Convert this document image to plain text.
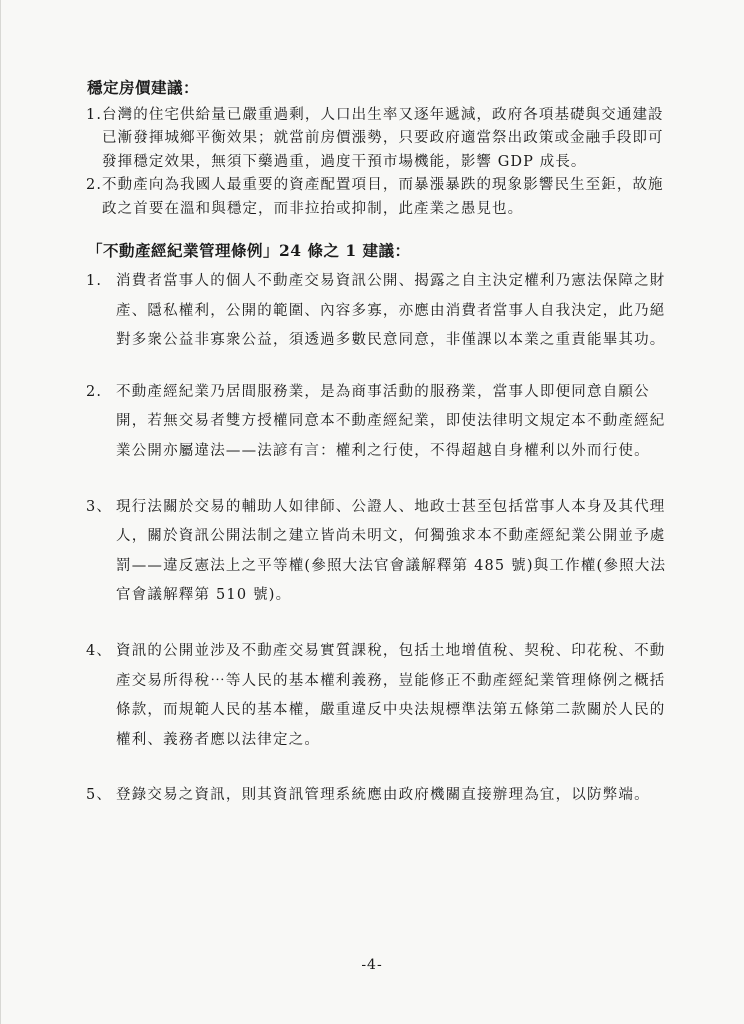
穩定房價建議：
1. 台灣的住宅供給量已嚴重過剩，人口出生率又逐年遞減，政府各項基礎與交通建設已漸發揮城鄉平衡效果；就當前房價漲勢，只要政府適當祭出政策或金融手段即可發揮穩定效果，無須下藥過重，過度干預市場機能，影響 GDP 成長。
2. 不動產向為我國人最重要的資產配置項目，而暴漲暴跌的現象影響民生至鉅，故施政之首要在溫和與穩定，而非拉抬或抑制，此產業之愚見也。
「不動產經紀業管理條例」24 條之 1 建議：
1. 消費者當事人的個人不動產交易資訊公開、揭露之自主決定權利乃憲法保障之財產、隱私權利，公開的範圍、內容多寡，亦應由消費者當事人自我決定，此乃絕對多衆公益非寡衆公益，須透過多數民意同意，非僅課以本業之重責能畢其功。
2. 不動產經紀業乃居間服務業，是為商事活動的服務業，當事人即便同意自願公開，若無交易者雙方授權同意本不動產經紀業，即使法律明文規定本不動產經紀業公開亦屬違法——法諺有言：權利之行使，不得超越自身權利以外而行使。
3、 現行法關於交易的輔助人如律師、公證人、地政士甚至包括當事人本身及其代理人，關於資訊公開法制之建立皆尚未明文，何獨強求本不動產經紀業公開並予處罰——違反憲法上之平等權(參照大法官會議解釋第 485 號)與工作權(參照大法官會議解釋第 510 號)。
4、 資訊的公開並涉及不動產交易實質課稅，包括土地增值稅、契稅、印花稅、不動產交易所得稅⋯等人民的基本權利義務，豈能修正不動產經紀業管理條例之概括條款，而規範人民的基本權，嚴重違反中央法規標準法第五條第二款關於人民的權利、義務者應以法律定之。
5、 登錄交易之資訊，則其資訊管理系統應由政府機關直接辦理為宜，以防弊端。
-4-
